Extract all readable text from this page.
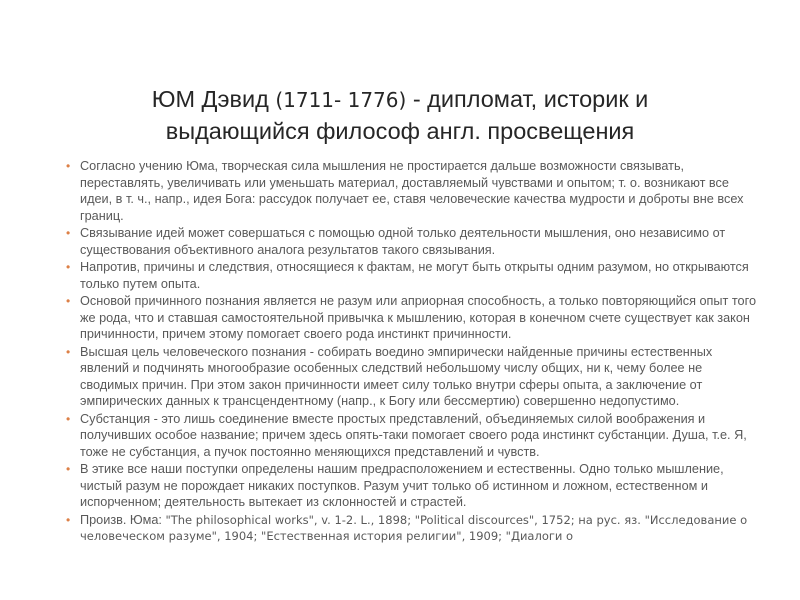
ЮМ Дэвид (1711- 1776) - дипломат, историк и
выдающийся философ англ. просвещения
• Согласно учению Юма, творческая сила мышления не простирается дальше возможности связывать, переставлять, увеличивать или уменьшать материал, доставляемый чувствами и опытом; т. о. возникают все идеи, в т. ч., напр., идея Бога: рассудок получает ее, ставя человеческие качества мудрости и доброты вне всех границ.
• Связывание идей может совершаться с помощью одной только деятельности мышления, оно независимо от существования объективного аналога результатов такого связывания.
• Напротив, причины и следствия, относящиеся к фактам, не могут быть открыты одним разумом, но открываются только путем опыта.
• Основой причинного познания является не разум или априорная способность, а только повторяющийся опыт того же рода, что и ставшая самостоятельной привычка к мышлению, которая в конечном счете существует как закон причинности, причем этому помогает своего рода инстинкт причинности.
• Высшая цель человеческого познания - собирать воедино эмпирически найденные причины естественных явлений и подчинять многообразие особенных следствий небольшому числу общих, ни к, чему более не сводимых причин. При этом закон причинности имеет силу только внутри сферы опыта, а заключение от эмпирических данных к трансцендентному (напр., к Богу или бессмертию) совершенно недопустимо.
• Субстанция - это лишь соединение вместе простых представлений, объединяемых силой воображения и получивших особое название; причем здесь опять-таки помогает своего рода инстинкт субстанции. Душа, т.е. Я, тоже не субстанция, а пучок постоянно меняющихся представлений и чувств.
• В этике все наши поступки определены нашим предрасположением и естественны. Одно только мышление, чистый разум не порождает никаких поступков. Разум учит только об истинном и ложном, естественном и испорченном; деятельность вытекает из склонностей и страстей.
• Произв. Юма: "The philosophical works", v. 1-2. L., 1898; "Political discources", 1752; на рус. яз. "Исследование о человеческом разуме", 1904; "Естественная история религии", 1909; "Диалоги о
